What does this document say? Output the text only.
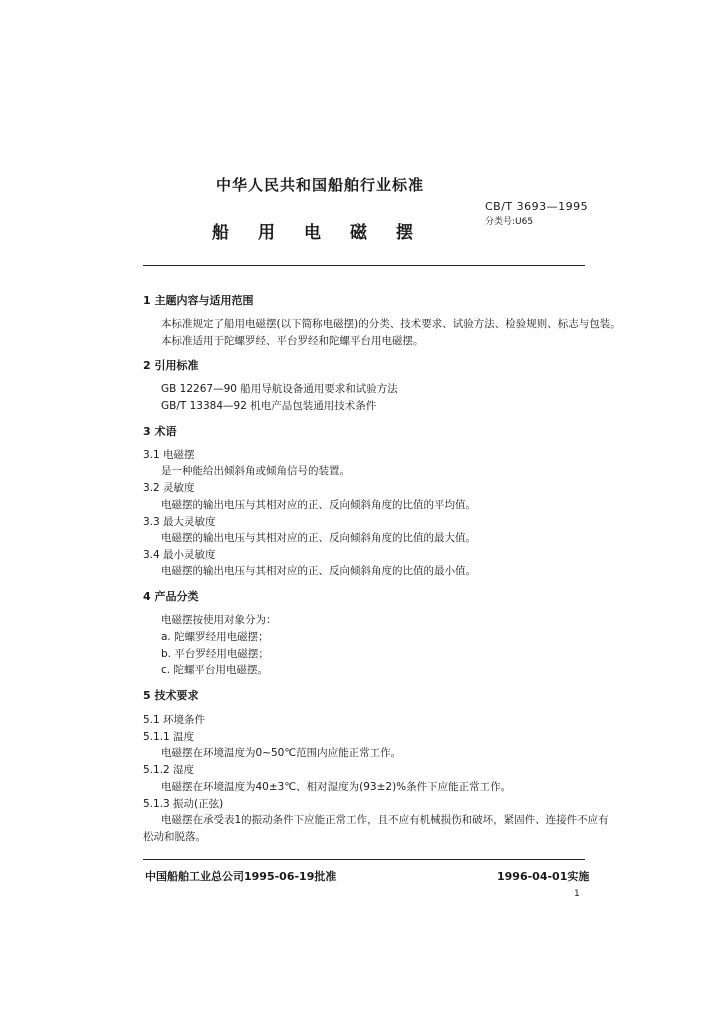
中华人民共和国船舶行业标准
船 用 电 磁 摆
CB/T 3693—1995
分类号:U65
1 主题内容与适用范围
本标准规定了船用电磁摆(以下简称电磁摆)的分类、技术要求、试验方法、检验规则、标志与包装。
本标准适用于陀螺罗经、平台罗经和陀螺平台用电磁摆。
2 引用标准
GB 12267—90 船用导航设备通用要求和试验方法
GB/T 13384—92 机电产品包装通用技术条件
3 术语
3.1 电磁摆
是一种能给出倾斜角或倾角信号的装置。
3.2 灵敏度
电磁摆的输出电压与其相对应的正、反向倾斜角度的比值的平均值。
3.3 最大灵敏度
电磁摆的输出电压与其相对应的正、反向倾斜角度的比值的最大值。
3.4 最小灵敏度
电磁摆的输出电压与其相对应的正、反向倾斜角度的比值的最小值。
4 产品分类
电磁摆按使用对象分为：
a. 陀螺罗经用电磁摆；
b. 平台罗经用电磁摆；
c. 陀螺平台用电磁摆。
5 技术要求
5.1 环境条件
5.1.1 温度
电磁摆在环境温度为0~50℃范围内应能正常工作。
5.1.2 湿度
电磁摆在环境温度为40±3℃、相对湿度为(93±2)%条件下应能正常工作。
5.1.3 振动(正弦)
电磁摆在承受表1的振动条件下应能正常工作，且不应有机械损伤和破坏，紧固件、连接件不应有
松动和脱落。
中国船舶工业总公司1995-06-19批准	1996-04-01实施
1
